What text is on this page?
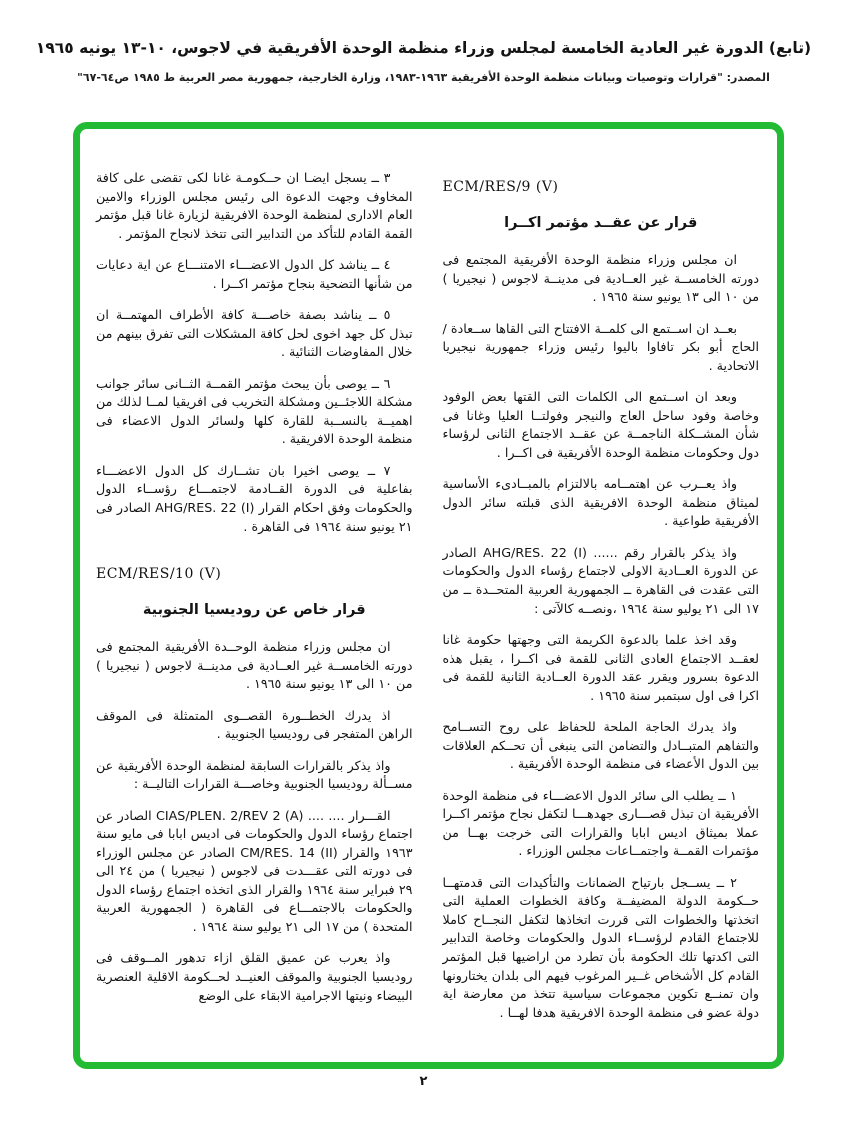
(تابع) الدورة غير العادية الخامسة لمجلس وزراء منظمة الوحدة الأفريقية في لاجوس، ١٠-١٣ يونيه ١٩٦٥
المصدر: "قرارات وتوصيات وبيانات منظمة الوحدة الأفريقية ١٩٦٣-١٩٨٣، وزارة الخارجية، جمهورية مصر العربية ط ١٩٨٥ ص٦٤-٦٧"
ECM/RES/9 (V)
قرار عن عقــد مؤتمر اكــرا
ان مجلس وزراء منظمة الوحدة الأفريقية المجتمع فى دورته الخامســة غير العــادية فى مدينــة لاجوس ( نيجيريا ) من ١٠ الى ١٣ يونيو سنة ١٩٦٥ .
بعــد ان اســتمع الى كلمــة الافتتاح التى القاها ســعادة / الحاج أبو بكر تافاوا باليوا رئيس وزراء جمهورية نيجيريا الاتحادية .
وبعد ان اســتمع الى الكلمات التى القتها بعض الوفود وخاصة وفود ساحل العاج والنيجر وفولتــا العليا وغانا فى شأن المشــكلة الناجمــة عن عقــد الاجتماع الثانى لرؤساء دول وحكومات منظمة الوحدة الأفريقية فى اكــرا .
واذ يعــرب عن اهتمــامه بالالتزام بالمبــادىء الأساسية لميثاق منظمة الوحدة الافريقية الذى قبلته سائر الدول الأفريقية طواعية .
واذ يذكر بالقرار رقم ...... AHG/RES. 22 (I) الصادر عن الدورة العــادية الاولى لاجتماع رؤساء الدول والحكومات التى عقدت فى القاهرة ــ الجمهورية العربية المتحــدة ــ من ١٧ الى ٢١ يوليو سنة ١٩٦٤ ،ونصــه كالآتى :
وقد اخذ علما بالدعوة الكريمة التى وجهتها حكومة غانا لعقــد الاجتماع العادى الثانى للقمة فى اكــرا ، يقبل هذه الدعوة بسرور ويقرر عقد الدورة العــادية الثانية للقمة فى اكرا فى اول سبتمبر سنة ١٩٦٥ .
واذ يدرك الحاجة الملحة للحفاظ على روح التســامح والتفاهم المتبــادل والتضامن التى ينبغى أن تحــكم العلاقات بين الدول الأعضاء فى منظمة الوحدة الأفريقية .
١ ــ يطلب الى سائر الدول الاعضـــاء فى منظمة الوحدة الأفريقية ان تبذل قصـــارى جهدهـــا لتكفل نجاح مؤتمر اكــرا عملا بميثاق اديس ابابا والقرارات التى خرجت بهــا من مؤتمرات القمــة واجتمــاعات مجلس الوزراء .
٢ ــ يســجل بارتياح الضمانات والتأكيدات التى قدمتهــا حــكومة الدولة المضيفــة وكافة الخطوات العملية التى اتخذتها والخطوات التى قررت اتخاذها لتكفل النجــاح كاملا للاجتماع القادم لرؤســاء الدول والحكومات وخاصة التدابير التى اكدتها تلك الحكومة بأن تطرد من اراضيها قبل المؤتمر القادم كل الأشخاص غــير المرغوب فيهم الى بلدان يختارونها وان تمنــع تكوين مجموعات سياسية تتخذ من معارضة اية دولة عضو فى منظمة الوحدة الافريقية هدفا لهــا .
٣ ــ يسجل ايضـا ان حــكومـة غانا لكى تقضى على كافة المخاوف وجهت الدعوة الى رئيس مجلس الوزراء والامين العام الادارى لمنظمة الوحدة الافريقية لزيارة غانا قبل مؤتمر القمة القادم للتأكد من التدابير التى تتخذ لانجاح المؤتمر .
٤ ــ يناشد كل الدول الاعضـــاء الامتنـــاع عن اية دعايات من شأنها التضحية بنجاح مؤتمر اكــرا .
٥ ــ يناشد بصفة خاصـــة كافة الأطراف المهتمــة ان تبذل كل جهد اخوى لحل كافة المشكلات التى تفرق بينهم من خلال المفاوضات الثنائية .
٦ ــ يوصى بأن يبحث مؤتمر القمــة الثــانى سائر جوانب مشكلة اللاجئــين ومشكلة التخريب فى افريقيا لمــا لذلك من اهميــة بالنســبة للقارة كلها ولسائر الدول الاعضاء فى منظمة الوحدة الافريقية .
٧ ــ يوصى اخيرا بان تشــارك كل الدول الاعضـــاء بفاعلية فى الدورة القــادمة لاجتمـــاع رؤســاء الدول والحكومات وفق احكام القرار AHG/RES. 22 (I) الصادر فى ٢١ يونيو سنة ١٩٦٤ فى القاهرة .
ECM/RES/10 (V)
قرار خاص عن روديسيا الجنوبية
ان مجلس وزراء منظمة الوحــدة الأفريقية المجتمع فى دورته الخامســة غير العــادية فى مدينــة لاجوس ( نيجيريا ) من ١٠ الى ١٣ يونيو سنة ١٩٦٥ .
اذ يدرك الخطــورة القصــوى المتمثلة فى الموقف الراهن المتفجر فى روديسيا الجنوبية .
واذ يذكر بالقرارات السابقة لمنظمة الوحدة الأفريقية عن مســألة روديسيا الجنوبية وخاصـــة القرارات التاليــة :
القـــرار .... .... CIAS/PLEN. 2/REV 2 (A) الصادر عن اجتماع رؤساء الدول والحكومات فى اديس ابابا فى مايو سنة ١٩٦٣ والقرار CM/RES. 14 (II) الصادر عن مجلس الوزراء فى دورته التى عقـــدت فى لاجوس ( نيجيريا ) من ٢٤ الى ٢٩ فبراير سنة ١٩٦٤ والقرار الذى اتخذه اجتماع رؤساء الدول والحكومات بالاجتمـــاع فى القاهرة ( الجمهورية العربية المتحدة ) من ١٧ الى ٢١ يوليو سنة ١٩٦٤ .
واذ يعرب عن عميق القلق ازاء تدهور المــوقف فى روديسيا الجنوبية والموقف العنيــد لحــكومة الاقلية العنصرية البيضاء ونيتها الاجرامية الابقاء على الوضع
٢
